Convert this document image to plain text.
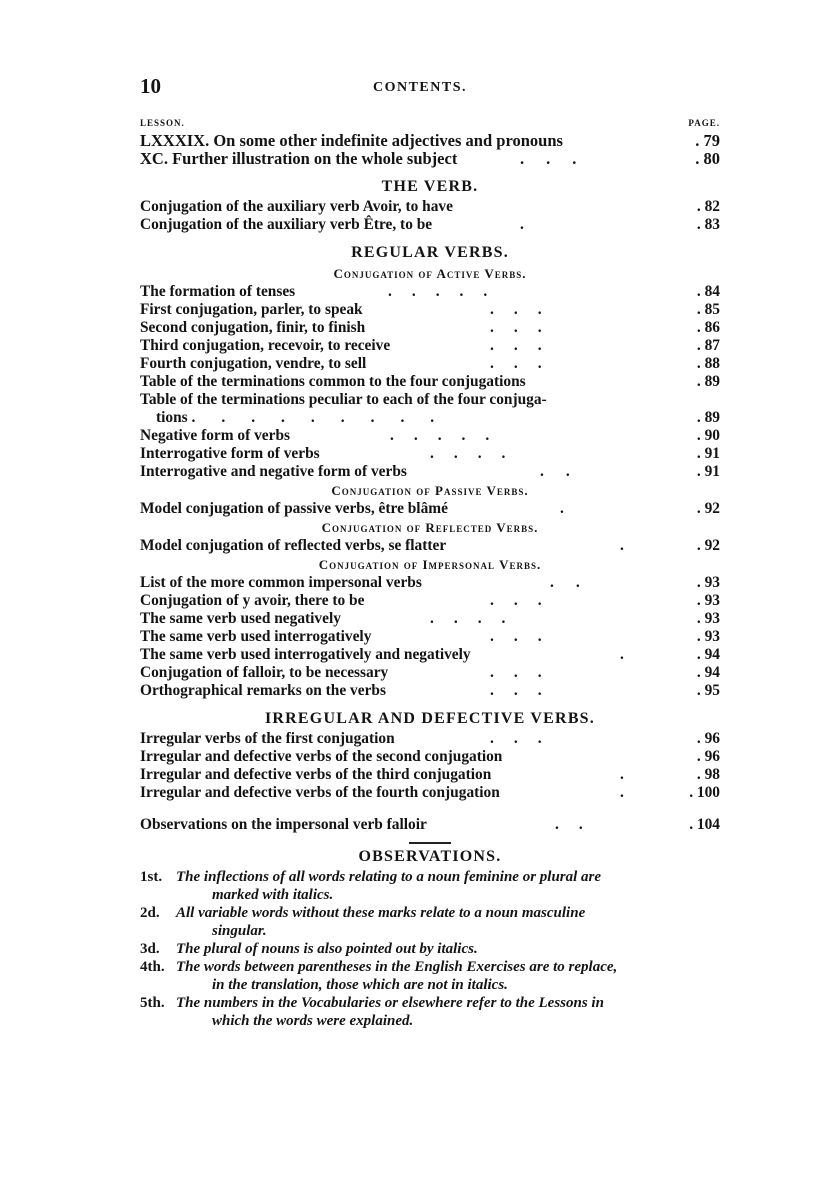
10	CONTENTS.
LESSON.	PAGE.
LXXXIX. On some other indefinite adjectives and pronouns	. 79
XC. Further illustration on the whole subject	...	. 80
THE VERB.
Conjugation of the auxiliary verb Avoir, to have	. 82
Conjugation of the auxiliary verb Être, to be	.	. 83
REGULAR VERBS.
Conjugation of Active Verbs.
The formation of tenses	.....	. 84
First conjugation, parler, to speak	...	. 85
Second conjugation, finir, to finish	...	. 86
Third conjugation, recevoir, to receive	...	. 87
Fourth conjugation, vendre, to sell	...	. 88
Table of the terminations common to the four conjugations	. 89
Table of the terminations peculiar to each of the four conjuga-
tions .........	. 89
Negative form of verbs	.....	. 90
Interrogative form of verbs	....	. 91
Interrogative and negative form of verbs	..	. 91
Conjugation of Passive Verbs.
Model conjugation of passive verbs, être blâmé	.	. 92
Conjugation of Reflected Verbs.
Model conjugation of reflected verbs, se flatter	.	. 92
Conjugation of Impersonal Verbs.
List of the more common impersonal verbs	..	. 93
Conjugation of y avoir, there to be	...	. 93
The same verb used negatively	....	. 93
The same verb used interrogatively	...	. 93
The same verb used interrogatively and negatively	.	. 94
Conjugation of falloir, to be necessary	...	. 94
Orthographical remarks on the verbs	...	. 95
IRREGULAR AND DEFECTIVE VERBS.
Irregular verbs of the first conjugation	...	. 96
Irregular and defective verbs of the second conjugation	. 96
Irregular and defective verbs of the third conjugation	.	. 98
Irregular and defective verbs of the fourth conjugation	.	. 100
Observations on the impersonal verb falloir	..	. 104
OBSERVATIONS.
1st. The inflections of all words relating to a noun feminine or plural are
marked with italics.
2d. All variable words without these marks relate to a noun masculine
singular.
3d. The plural of nouns is also pointed out by italics.
4th. The words between parentheses in the English Exercises are to replace,
in the translation, those which are not in italics.
5th. The numbers in the Vocabularies or elsewhere refer to the Lessons in
which the words were explained.
